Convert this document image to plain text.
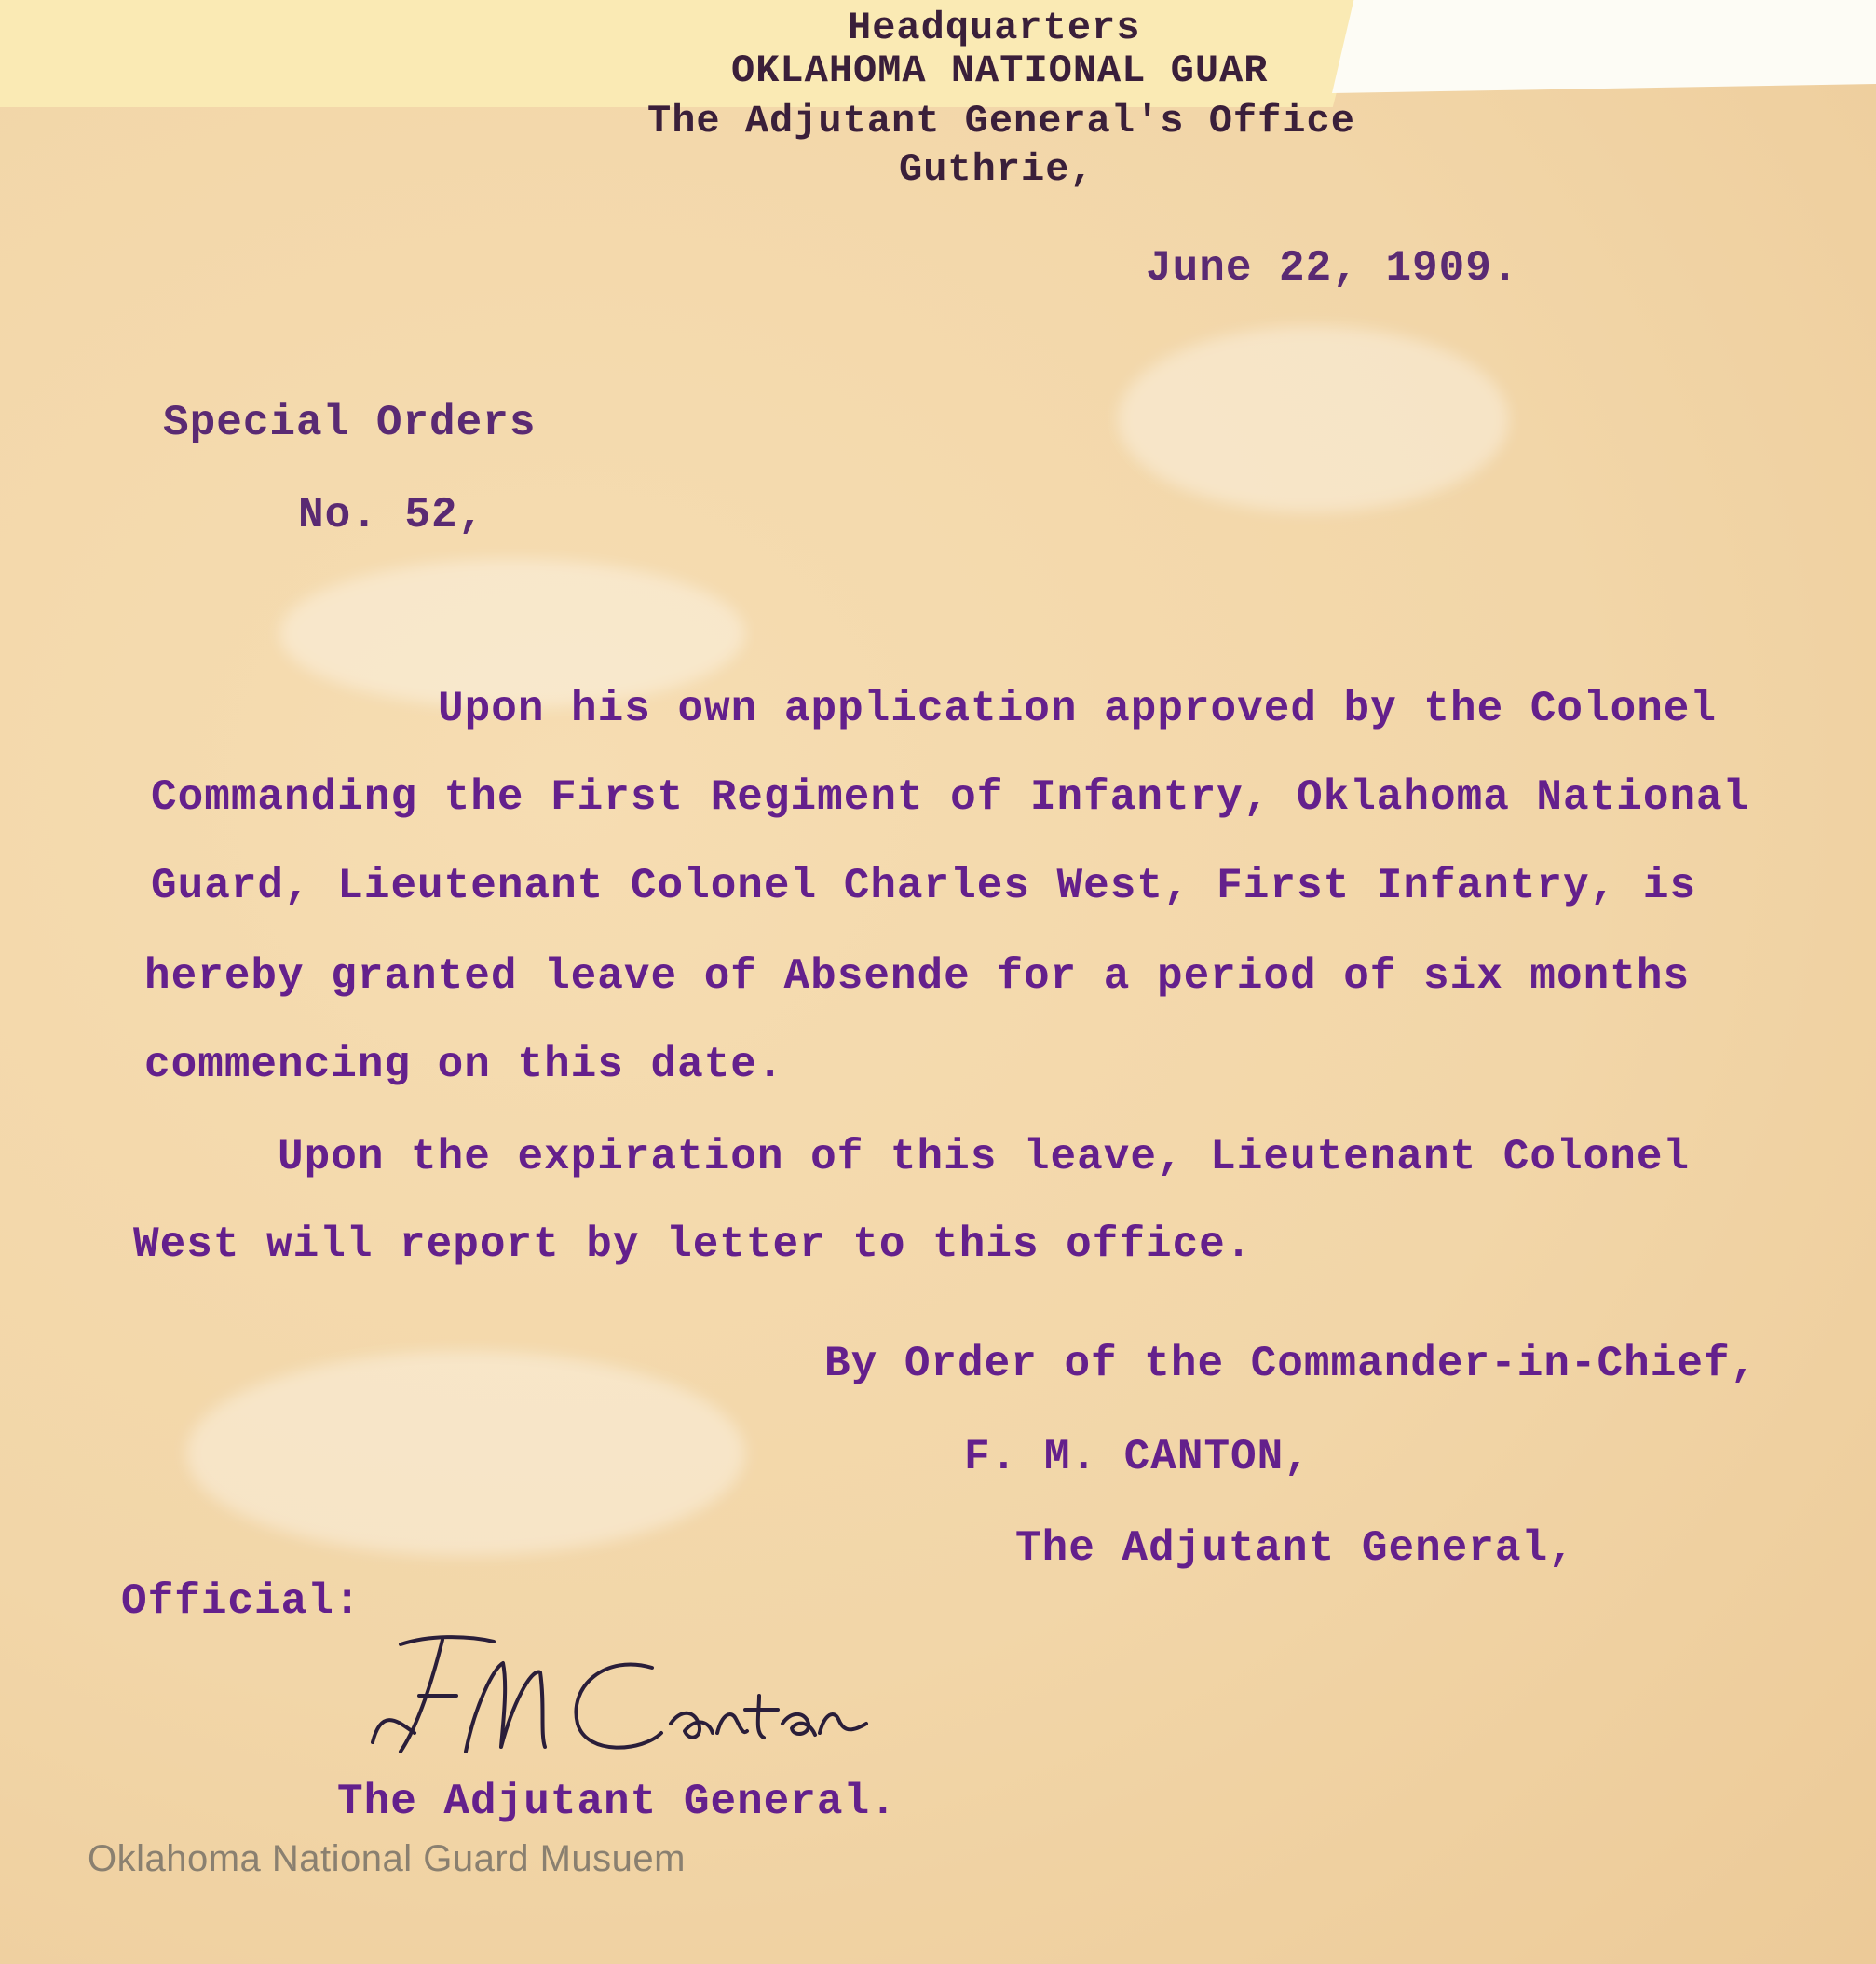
Headquarters
OKLAHOMA NATIONAL GUAR
The Adjutant General's Office
Guthrie,
June 22, 1909.
Special Orders
No. 52,
Upon his own application approved by the Colonel
Commanding the First Regiment of Infantry, Oklahoma National
Guard, Lieutenant Colonel Charles West, First Infantry, is
hereby granted leave of Absende for a period of six months
commencing on this date.
Upon the expiration of this leave, Lieutenant Colonel
West will report by letter to this office.
By Order of the Commander-in-Chief,
F. M. CANTON,
The Adjutant General,
Official:
The Adjutant General.
Oklahoma National Guard Musuem
